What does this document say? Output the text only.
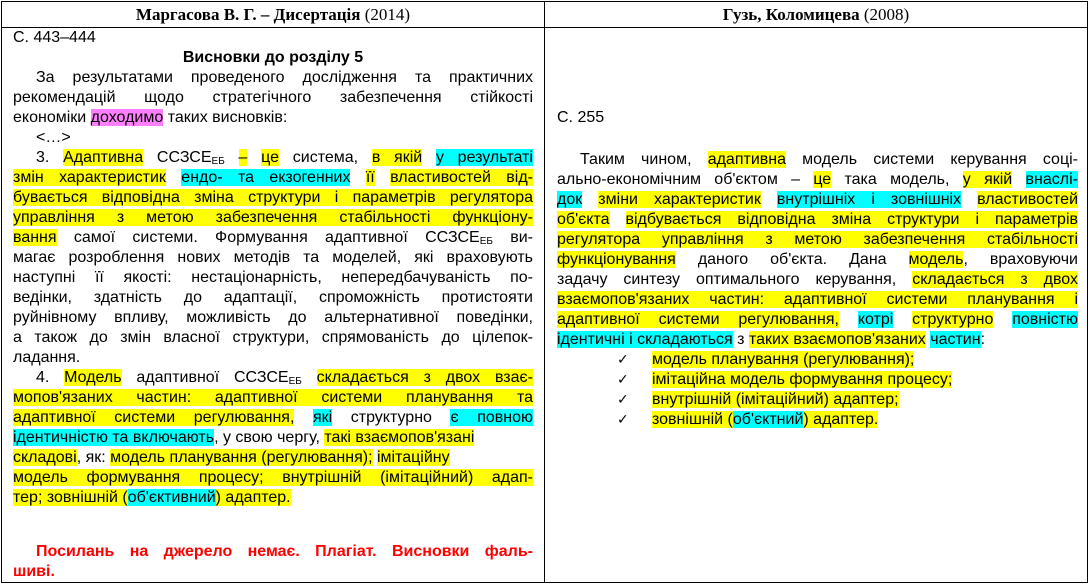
Маргасова В. Г. – Дисертація (2014)	Гузь, Коломицева (2008)
С. 443–444
Висновки до розділу 5
За результатами проведеного дослідження та практичних
рекомендацій щодо стратегічного забезпечення стійкості
економіки доходимо таких висновків:
<…>
3. Адаптивна $ССЗСЕ_{ЕБ}$ – це система, в якій у результаті
змін характеристик ендо- та екзогенних її властивостей від-
бувається відповідна зміна структури і параметрів регулятора
управління з метою забезпечення стабільності функціону-
вання самої системи. Формування адаптивної $ССЗСЕ_{ЕБ}$ ви-
магає розроблення нових методів та моделей, які враховують
наступні її якості: нестаціонарність, непередбачуваність по-
ведінки, здатність до адаптації, спроможність протистояти
руйнівному впливу, можливість до альтернативної поведінки,
а також до змін власної структури, спрямованість до цілепок-
ладання.
4. Модель адаптивної $ССЗСЕ_{ЕБ}$ складається з двох взає-
мопов'язаних частин: адаптивної системи планування та
адаптивної системи регулювання, які структурно є повною
ідентичністю та включають, у свою чергу, такі взаємопов'язані
складові, як: модель планування (регулювання); імітаційну
модель формування процесу; внутрішній (імітаційний) адап-
тер; зовнішній (об'єктивний) адаптер.
Посилань на джерело немає. Плагіат. Висновки фаль-
шиві.
С. 255
Таким чином, адаптивна модель системи керування соці-
ально-економічним об'єктом – це така модель, у якій внаслі-
док зміни характеристик внутрішніх і зовнішніх властивостей
об'єкта відбувається відповідна зміна структури і параметрів
регулятора управління з метою забезпечення стабільності
функціонування даного об'єкта. Дана модель, враховуючи
задачу синтезу оптимального керування, складається з двох
взаємопов'язаних частин: адаптивної системи планування і
адаптивної системи регулювання, котрі структурно повністю
ідентичні і складаються з таких взаємопов'язаних частин:
✓ модель планування (регулювання);
✓ імітаційна модель формування процесу;
✓ внутрішній (імітаційний) адаптер;
✓ зовнішній (об'єктний) адаптер.
